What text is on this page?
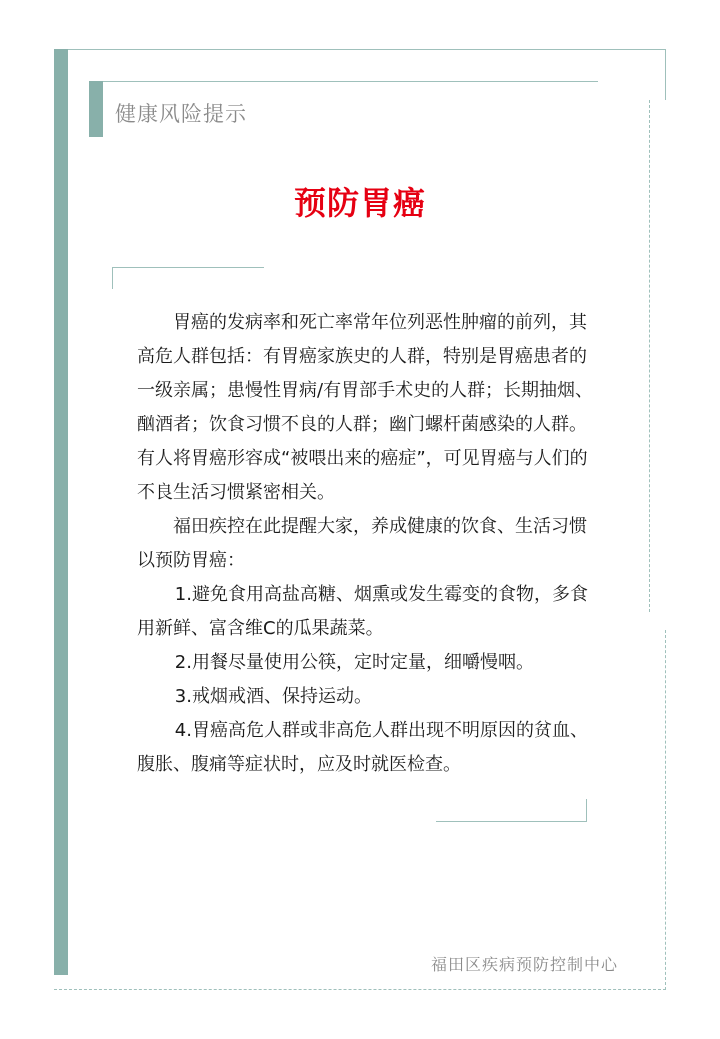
健康风险提示
预防胃癌

胃癌的发病率和死亡率常年位列恶性肿瘤的前列，其高危人群包括：有胃癌家族史的人群，特别是胃癌患者的一级亲属；患慢性胃病/有胃部手术史的人群；长期抽烟、酗酒者；饮食习惯不良的人群；幽门螺杆菌感染的人群。有人将胃癌形容成“被喂出来的癌症”，可见胃癌与人们的不良生活习惯紧密相关。

福田疾控在此提醒大家，养成健康的饮食、生活习惯以预防胃癌：

1.避免食用高盐高糖、烟熏或发生霉变的食物，多食用新鲜、富含维C的瓜果蔬菜。

2.用餐尽量使用公筷，定时定量，细嚼慢咽。

3.戒烟戒酒、保持运动。

4.胃癌高危人群或非高危人群出现不明原因的贫血、腹胀、腹痛等症状时，应及时就医检查。

福田区疾病预防控制中心
